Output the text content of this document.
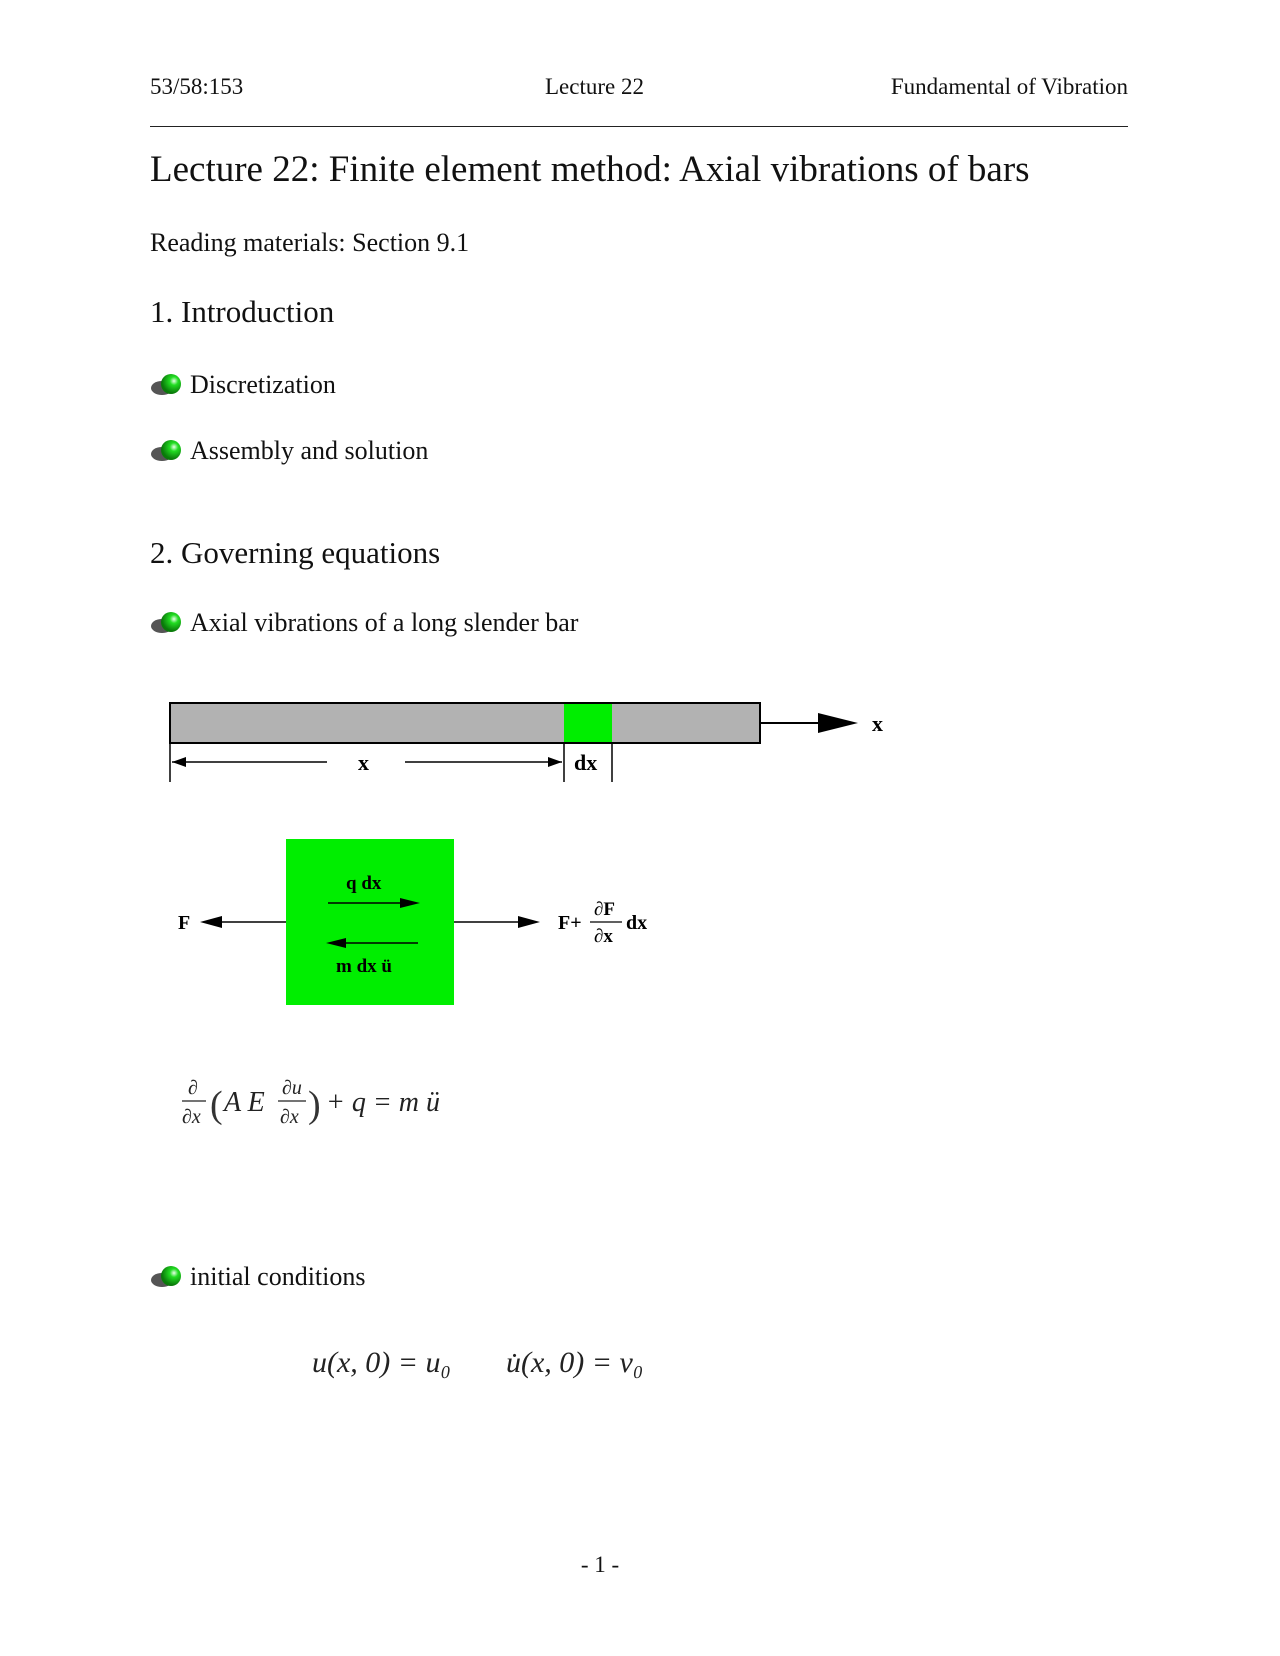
53/58:153	Lecture 22	Fundamental of Vibration
Lecture 22: Finite element method: Axial vibrations of bars
Reading materials: Section 9.1
1. Introduction
Discretization
Assembly and solution
2. Governing equations
Axial vibrations of a long slender bar
x
x	dx
F	F+
∂F
∂x
dx
q dx
m dx ü
∂
∂x ( A E ∂u
∂x ) + q = m ü
initial conditions
u(x, 0) = u₀ u̇(x, 0) = v₀
- 1 -
